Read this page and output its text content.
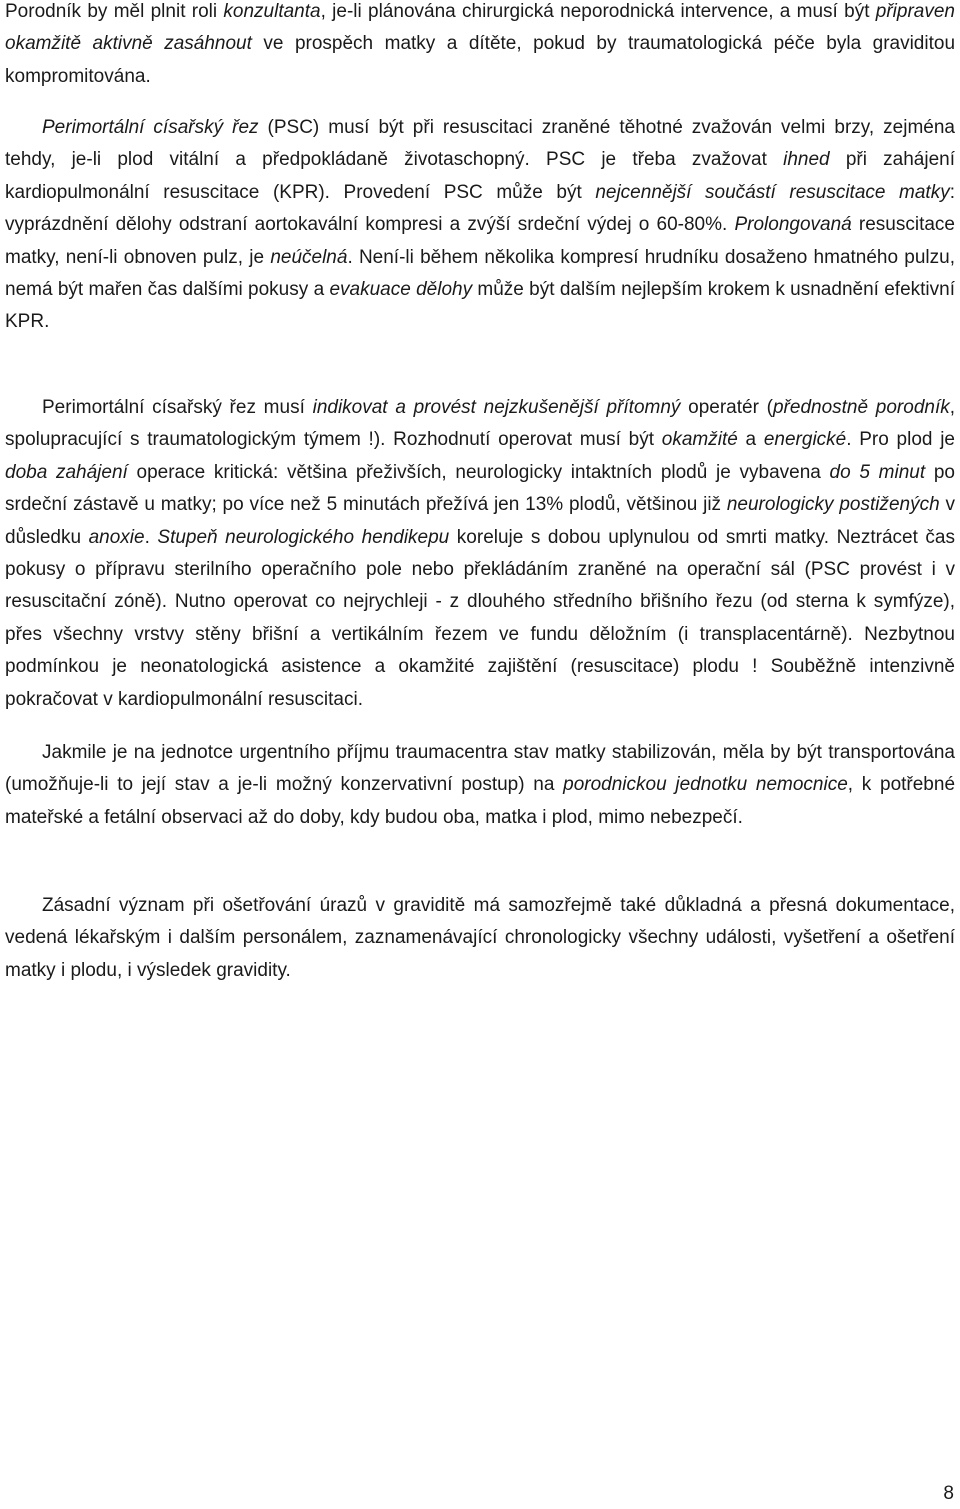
Porodník by měl plnit roli konzultanta, je-li plánována chirurgická neporodnická intervence, a musí být připraven okamžitě aktivně zasáhnout ve prospěch matky a dítěte, pokud by traumatologická péče byla graviditou kompromitována.

Perimortální císařský řez (PSC) musí být při resuscitaci zraněné těhotné zvažován velmi brzy, zejména tehdy, je-li plod vitální a předpokládaně životaschopný. PSC je třeba zvažovat ihned při zahájení kardiopulmonální resuscitace (KPR). Provedení PSC může být nejcennější součástí resuscitace matky: vyprázdnění dělohy odstraní aortokavální kompresi a zvýší srdeční výdej o 60-80%. Prolongovaná resuscitace matky, není-li obnoven pulz, je neúčelná. Není-li během několika kompresí hrudníku dosaženo hmatného pulzu, nemá být mařen čas dalšími pokusy a evakuace dělohy může být dalším nejlepším krokem k usnadnění efektivní KPR.

Perimortální císařský řez musí indikovat a provést nejzkušenější přítomný operatér (přednostně porodník, spolupracující s traumatologickým týmem !). Rozhodnutí operovat musí být okamžité a energické. Pro plod je doba zahájení operace kritická: většina přeživších, neurologicky intaktních plodů je vybavena do 5 minut po srdeční zástavě u matky; po více než 5 minutách přežívá jen 13% plodů, většinou již neurologicky postižených v důsledku anoxie. Stupeň neurologického hendikepu koreluje s dobou uplynulou od smrti matky. Neztrácet čas pokusy o přípravu sterilního operačního pole nebo překládáním zraněné na operační sál (PSC provést i v resuscitační zóně). Nutno operovat co nejrychleji - z dlouhého středního břišního řezu (od sterna k symfýze), přes všechny vrstvy stěny břišní a vertikálním řezem ve fundu děložním (i transplacentárně). Nezbytnou podmínkou je neonatologická asistence a okamžité zajištění (resuscitace) plodu ! Souběžně intenzivně pokračovat v kardiopulmonální resuscitaci.

Jakmile je na jednotce urgentního příjmu traumacentra stav matky stabilizován, měla by být transportována (umožňuje-li to její stav a je-li možný konzervativní postup) na porodnickou jednotku nemocnice, k potřebné mateřské a fetální observaci až do doby, kdy budou oba, matka i plod, mimo nebezpečí.

Zásadní význam při ošetřování úrazů v graviditě má samozřejmě také důkladná a přesná dokumentace, vedená lékařským i dalším personálem, zaznamenávající chronologicky všechny události, vyšetření a ošetření matky i plodu, i výsledek gravidity.

8
